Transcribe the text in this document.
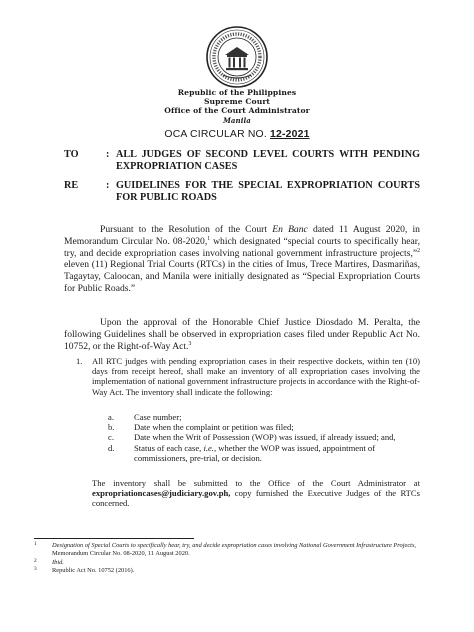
Republic of the Philippines
Supreme Court
Office of the Court Administrator
Manila
OCA CIRCULAR NO. 12-2021
TO	: ALL JUDGES OF SECOND LEVEL COURTS WITH PENDING EXPROPRIATION CASES
RE	: GUIDELINES FOR THE SPECIAL EXPROPRIATION COURTS FOR PUBLIC ROADS
Pursuant to the Resolution of the Court En Banc dated 11 August 2020, in Memorandum Circular No. 08-2020,$^1$ which designated “special courts to specifically hear, try, and decide expropriation cases involving national government infrastructure projects,”$^2$ eleven (11) Regional Trial Courts (RTCs) in the cities of Imus, Trece Martires, Dasmariñas, Tagaytay, Caloocan, and Manila were initially designated as “Special Expropriation Courts for Public Roads.”
Upon the approval of the Honorable Chief Justice Diosdado M. Peralta, the following Guidelines shall be observed in expropriation cases filed under Republic Act No. 10752, or the Right-of-Way Act.$^3$
1. All RTC judges with pending expropriation cases in their respective dockets, within ten (10) days from receipt hereof, shall make an inventory of all expropriation cases involving the implementation of national government infrastructure projects in accordance with the Right-of-Way Act. The inventory shall indicate the following:
a. Case number;
b. Date when the complaint or petition was filed;
c. Date when the Writ of Possession (WOP) was issued, if already issued; and,
d. Status of each case, i.e., whether the WOP was issued, appointment of commissioners, pre-trial, or decision.
The inventory shall be submitted to the Office of the Court Administrator at expropriationcases@judiciary.gov.ph, copy furnished the Executive Judges of the RTCs concerned.
1 Designation of Special Courts to specifically hear, try, and decide expropriation cases involving National Government Infrastructure Projects, Memorandum Circular No. 08-2020, 11 August 2020.
2 Ibid.
3 Republic Act No. 10752 (2016).
